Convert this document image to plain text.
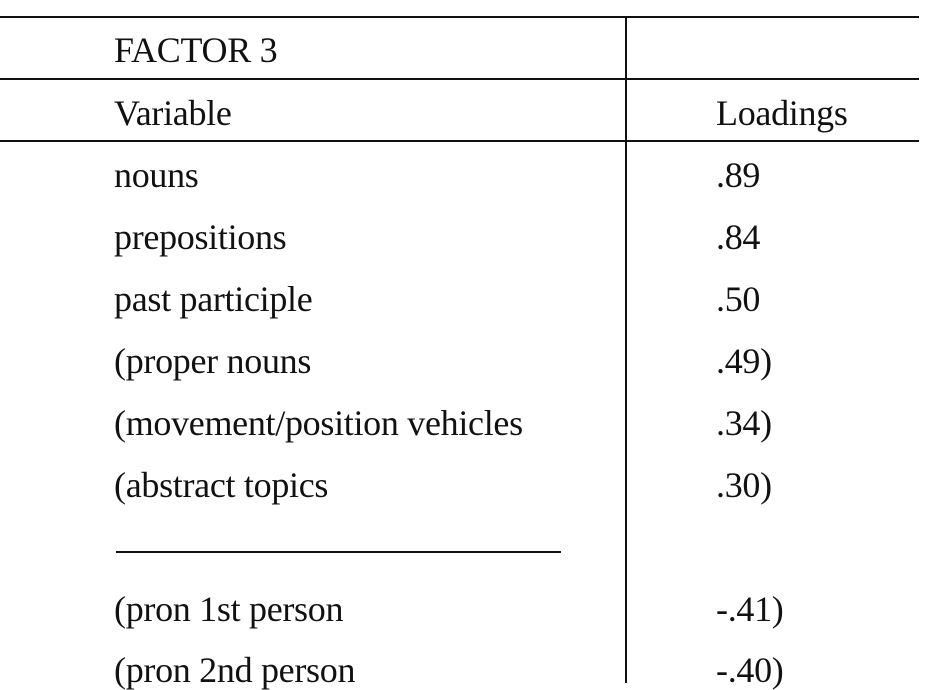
FACTOR 3
Variable	Loadings
nouns	.89
prepositions	.84
past participle	.50
(proper nouns	.49)
(movement/position vehicles	.34)
(abstract topics	.30)
(pron 1st person	-.41)
(pron 2nd person	-.40)
